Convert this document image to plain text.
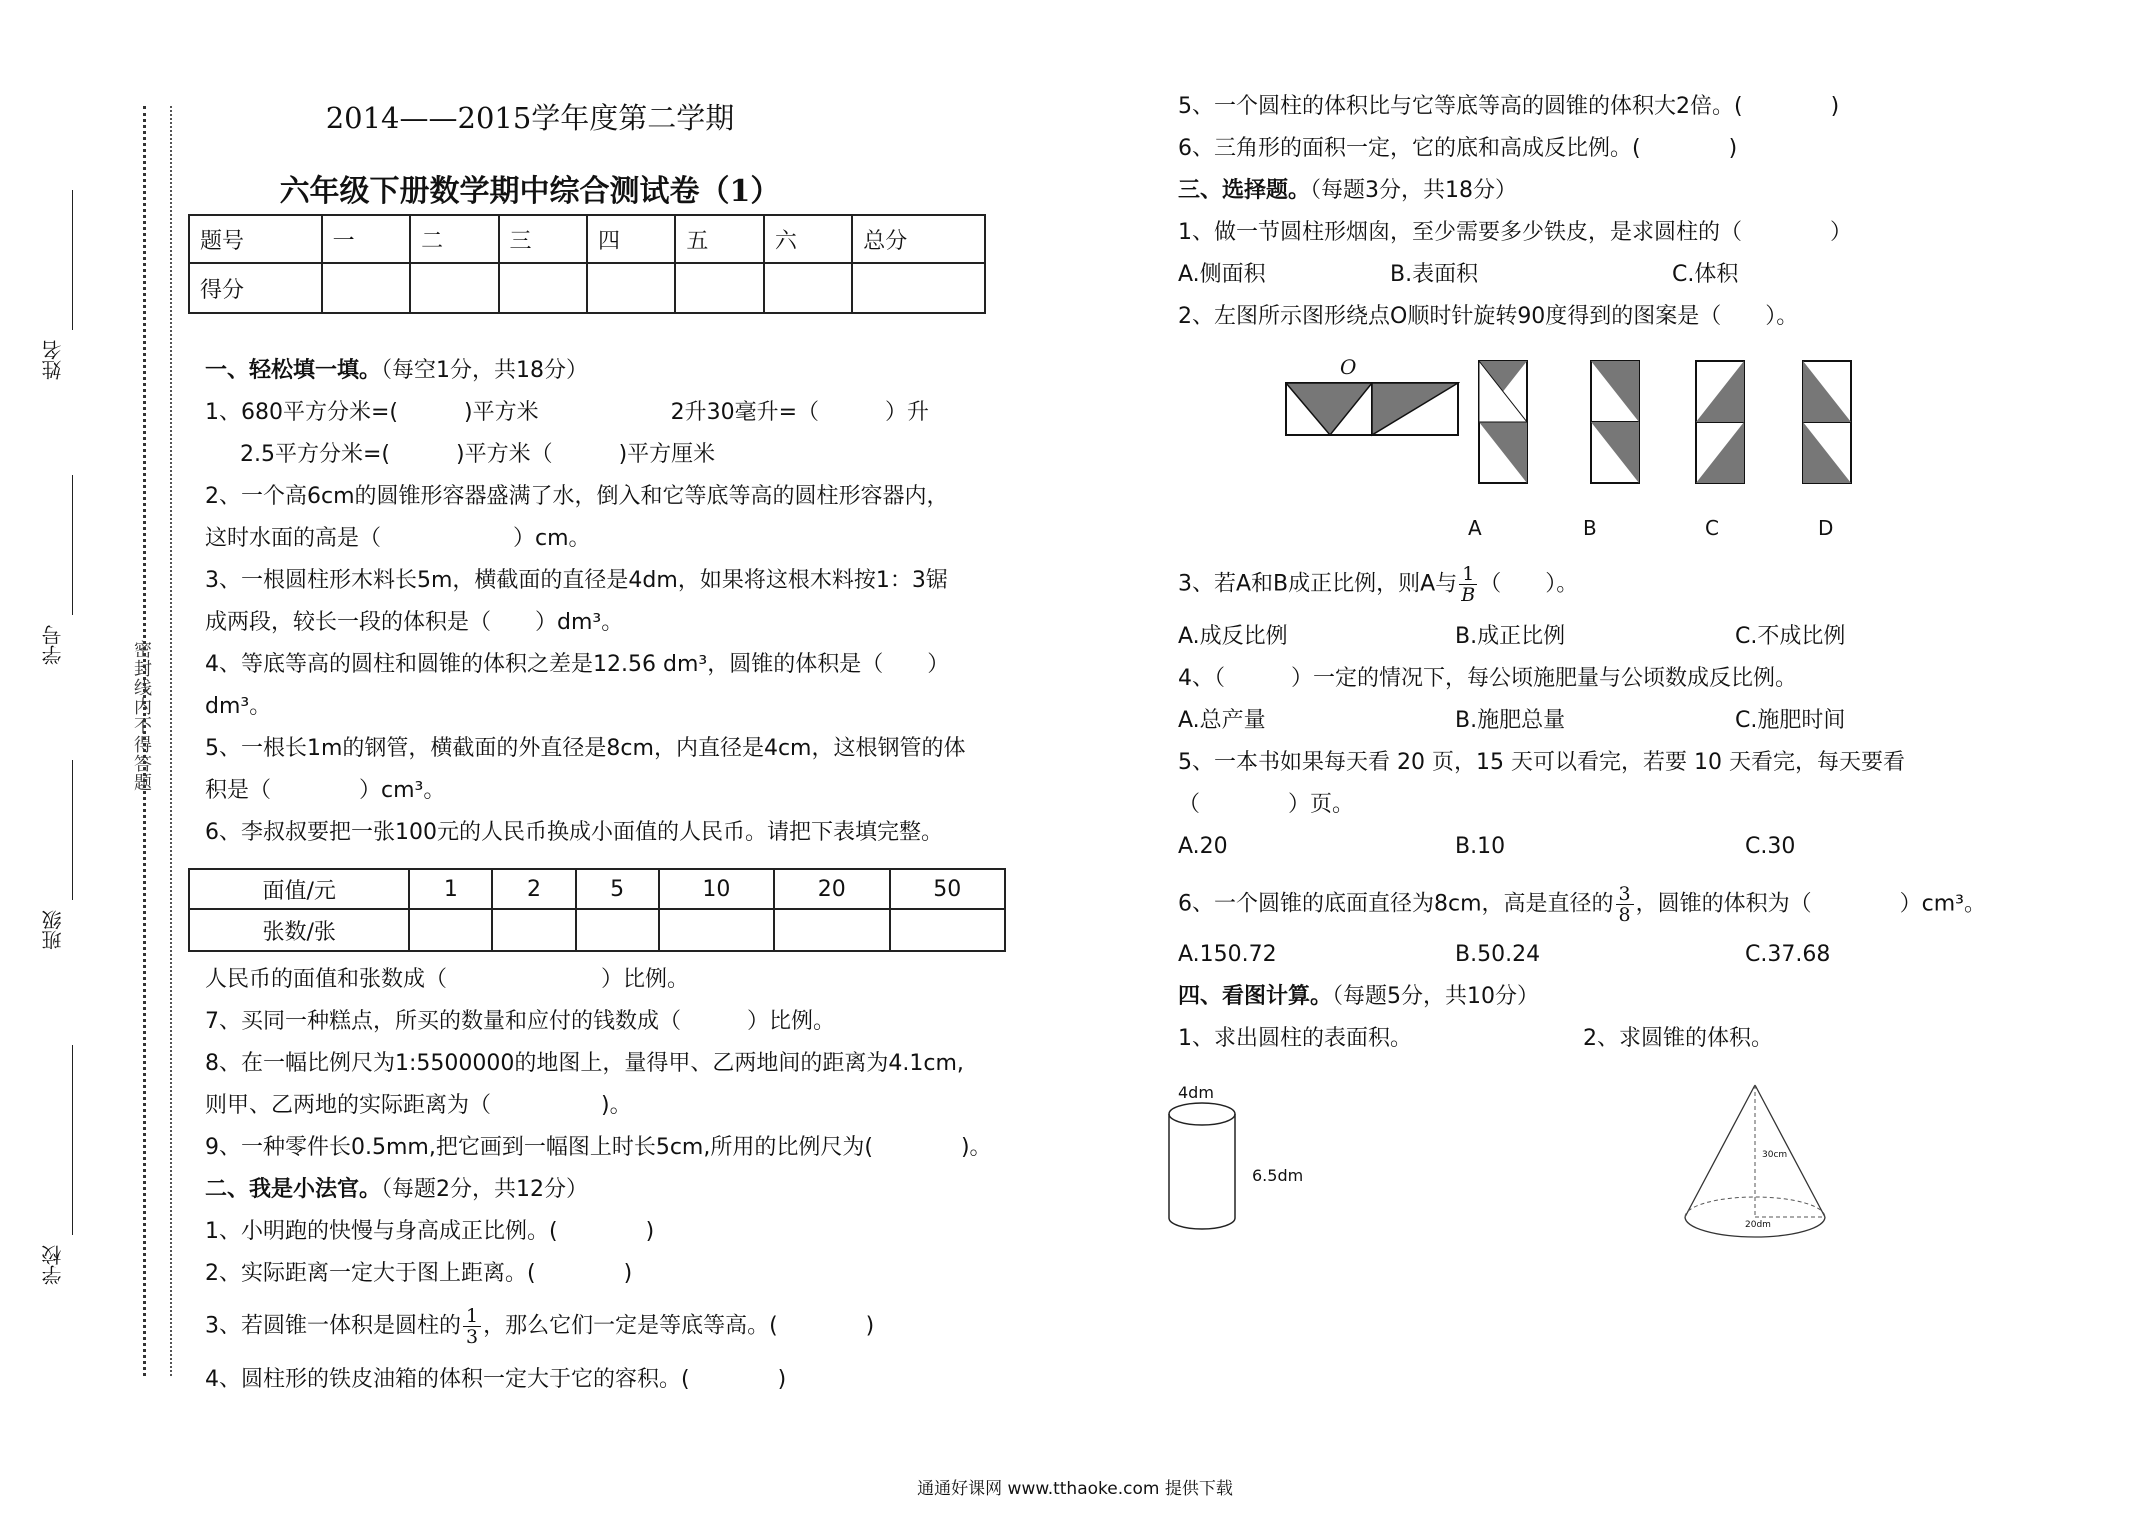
姓名
学号
班级
学校
密封线内不得答题
2014——2015学年度第二学期
六年级下册数学期中综合测试卷（1）
题号	一	二	三	四	五	六	总分
得分							
一、轻松填一填。（每空1分，共18分）
1、680平方分米=(　　　)平方米　　　　　　2升30毫升=（　　　）升
2.5平方分米=(　　　)平方米（　　　)平方厘米
2、一个高6cm的圆锥形容器盛满了水，倒入和它等底等高的圆柱形容器内，
这时水面的高是（　　　　　　）cm。
3、一根圆柱形木料长5m，横截面的直径是4dm，如果将这根木料按1：3锯
成两段，较长一段的体积是（　　）dm³。
4、等底等高的圆柱和圆锥的体积之差是12.56 dm³，圆锥的体积是（　　）
dm³。
5、一根长1m的钢管，横截面的外直径是8cm，内直径是4cm，这根钢管的体
积是（　　　　）cm³。
6、李叔叔要把一张100元的人民币换成小面值的人民币。请把下表填完整。
面值/元	1	2	5	10	20	50
张数/张						
人民币的面值和张数成（　　　　　　　）比例。
7、买同一种糕点，所买的数量和应付的钱数成（　　　）比例。
8、在一幅比例尺为1:5500000的地图上，量得甲、乙两地间的距离为4.1cm,
则甲、乙两地的实际距离为（　　　　　)。
9、一种零件长0.5mm,把它画到一幅图上时长5cm,所用的比例尺为(　　　　)。
二、我是小法官。（每题2分，共12分）
1、小明跑的快慢与身高成正比例。(　　　　)
2、实际距离一定大于图上距离。(　　　　)
3、若圆锥一体积是圆柱的 $\frac{1}{3}$ ，那么它们一定是等底等高。(　　　　)
4、圆柱形的铁皮油箱的体积一定大于它的容积。(　　　　)
5、一个圆柱的体积比与它等底等高的圆锥的体积大2倍。(　　　　)
6、三角形的面积一定，它的底和高成反比例。(　　　　)
三、选择题。（每题3分，共18分）
1、做一节圆柱形烟囱，至少需要多少铁皮，是求圆柱的（　　　　）
A.侧面积	B.表面积	C.体积
2、左图所示图形绕点O顺时针旋转90度得到的图案是（　　）。
O
A	B	C	D
3、若A和B成正比例，则A与 $\frac{1}{B}$ （　　）。
A.成反比例	B.成正比例	C.不成比例
4、（　　　）一定的情况下，每公顷施肥量与公顷数成反比例。
A.总产量	B.施肥总量	C.施肥时间
5、一本书如果每天看 20 页，15 天可以看完，若要 10 天看完，每天要看
（　　　　）页。
A.20	B.10	C.30
6、一个圆锥的底面直径为8cm，高是直径的 $\frac{3}{8}$ ，圆锥的体积为（　　　　）cm³。
A.150.72	B.50.24	C.37.68
四、看图计算。（每题5分，共10分）
1、求出圆柱的表面积。	2、求圆锥的体积。
4dm
6.5dm
30cm
20dm
通通好课网 www.tthaoke.com 提供下载
